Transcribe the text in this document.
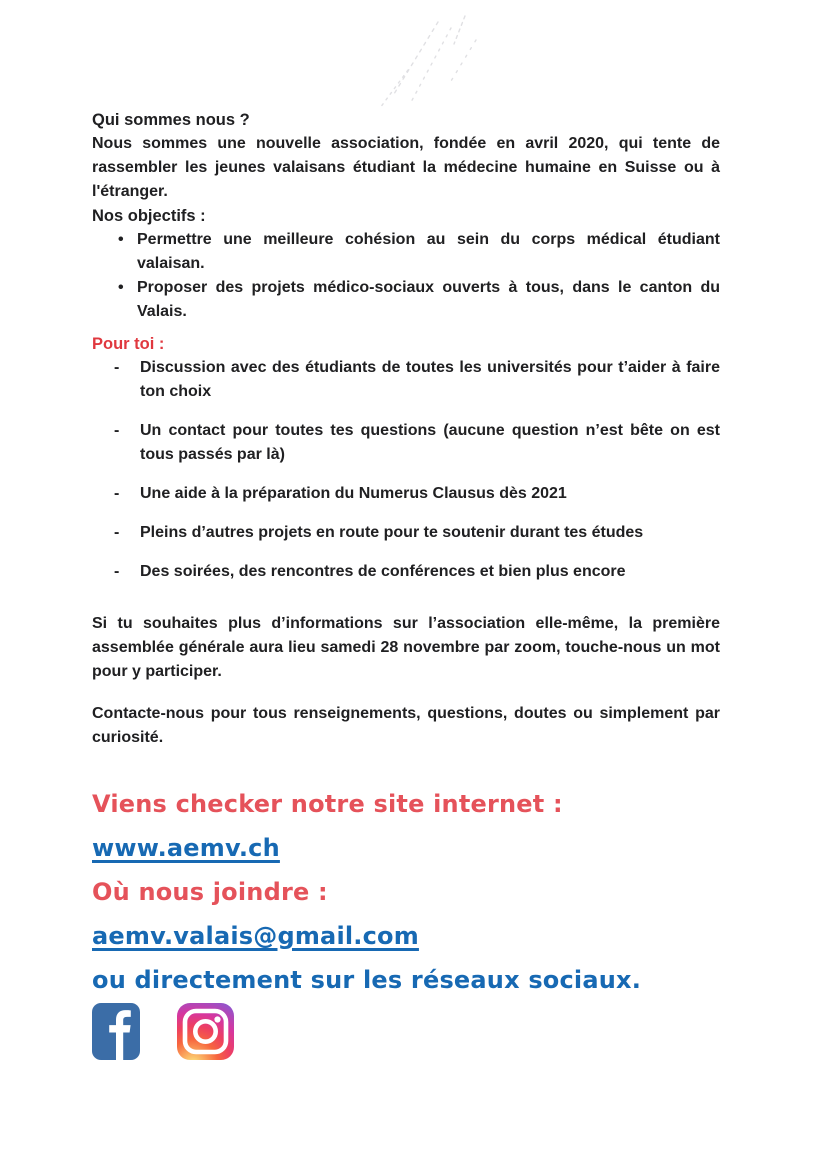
Qui sommes nous ?

Nous sommes une nouvelle association, fondée en avril 2020, qui tente de rassembler les jeunes valaisans étudiant la médecine humaine en Suisse ou à l'étranger.

Nos objectifs :
• Permettre une meilleure cohésion au sein du corps médical étudiant valaisan.
• Proposer des projets médico-sociaux ouverts à tous, dans le canton du Valais.
Pour toi :
-	Discussion avec des étudiants de toutes les universités pour t’aider à faire ton choix
-	Un contact pour toutes tes questions (aucune question n’est bête on est tous passés par là)
-	Une aide à la préparation du Numerus Clausus dès 2021
-	Pleins d’autres projets en route pour te soutenir durant tes études
-	Des soirées, des rencontres de conférences et bien plus encore

Si tu souhaites plus d’informations sur l’association elle-même, la première assemblée générale aura lieu samedi 28 novembre par zoom, touche-nous un mot pour y participer.

Contacte-nous pour tous renseignements, questions, doutes ou simplement par curiosité.

Viens checker notre site internet :

www.aemv.ch

Où nous joindre :

aemv.valais@gmail.com

ou directement sur les réseaux sociaux.
